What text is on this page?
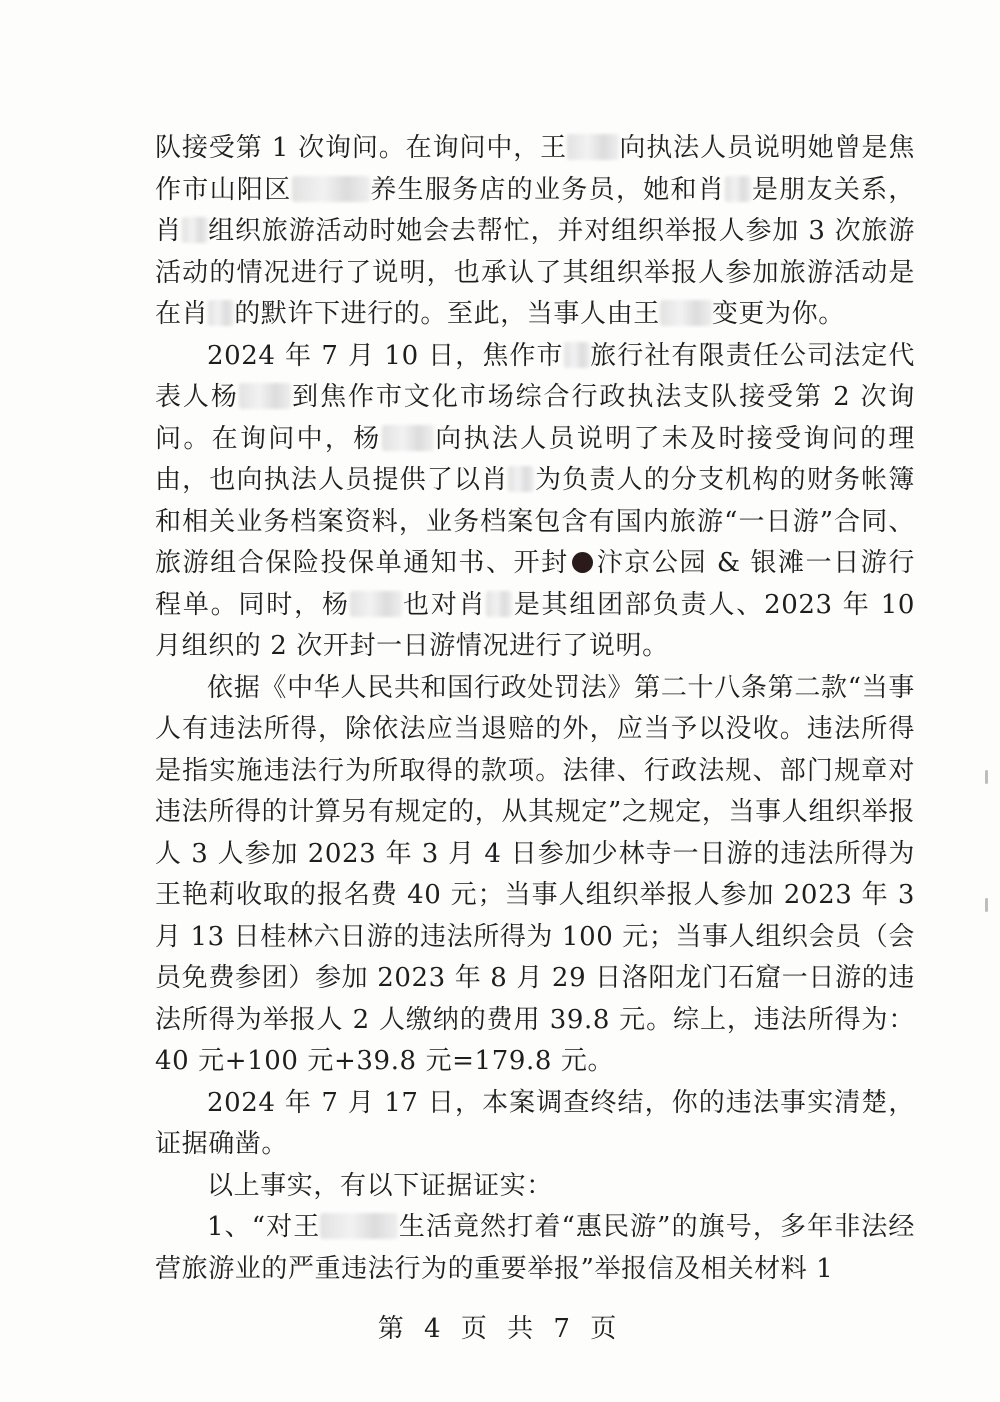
队接受第 1 次询问。在询问中，王 向执法人员说明她曾是焦作市山阳区	养生服务店的业务员，她和肖 是朋友关系，肖 组织旅游活动时她会去帮忙，并对组织举报人参加 3 次旅游活动的情况进行了说明，也承认了其组织举报人参加旅游活动是在肖 的默许下进行的。至此，当事人由王 变更为你。

2024 年 7 月 10 日，焦作市 旅行社有限责任公司法定代表人杨 到焦作市文化市场综合行政执法支队接受第 2 次询问。在询问中，杨 向执法人员说明了未及时接受询问的理由，也向执法人员提供了以肖 为负责人的分支机构的财务帐簿和相关业务档案资料，业务档案包含有国内旅游“一日游”合同、旅游组合保险投保单通知书、开封 汴京公园 & 银滩一日游行程单。同时，杨 也对肖 是其组团部负责人、2023 年 10 月组织的 2 次开封一日游情况进行了说明。

依据《中华人民共和国行政处罚法》第二十八条第二款“当事人有违法所得，除依法应当退赔的外，应当予以没收。违法所得是指实施违法行为所取得的款项。法律、行政法规、部门规章对违法所得的计算另有规定的，从其规定”之规定，当事人组织举报人 3 人参加 2023 年 3 月 4 日参加少林寺一日游的违法所得为王艳莉收取的报名费 40 元；当事人组织举报人参加 2023 年 3 月 13 日桂林六日游的违法所得为 100 元；当事人组织会员（会员免费参团）参加 2023 年 8 月 29 日洛阳龙门石窟一日游的违法所得为举报人 2 人缴纳的费用 39.8 元。综上，违法所得为：40 元+100 元+39.8 元=179.8 元。

2024 年 7 月 17 日，本案调查终结，你的违法事实清楚，证据确凿。

以上事实，有以下证据证实：

1、“对王	生活竟然打着“惠民游”的旗号，多年非法经营旅游业的严重违法行为的重要举报”举报信及相关材料 1

第 4 页 共 7 页
